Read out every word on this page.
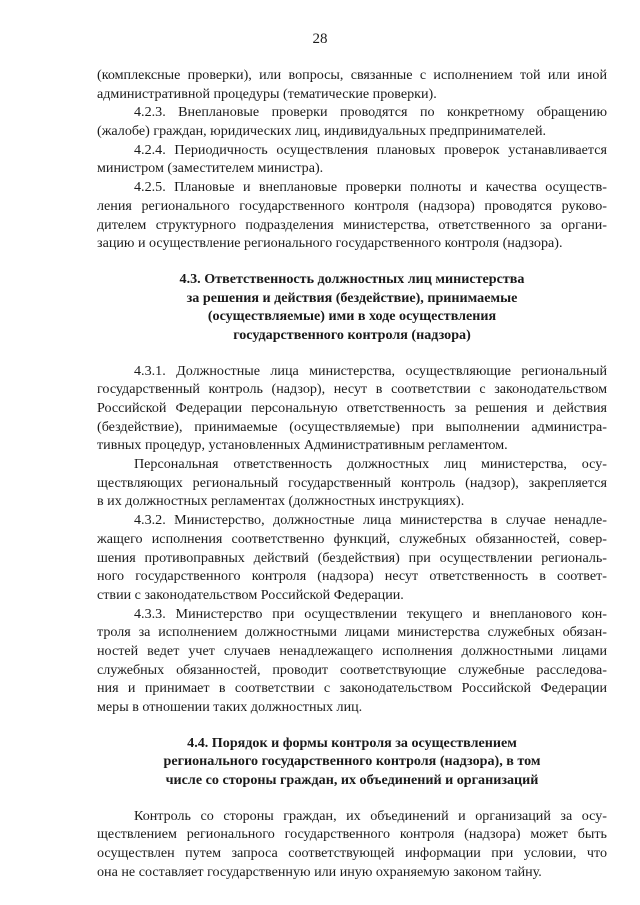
28
(комплексные проверки), или вопросы, связанные с исполнением той или иной
административной процедуры (тематические проверки).
4.2.3. Внеплановые проверки проводятся по конкретному обращению
(жалобе) граждан, юридических лиц, индивидуальных предпринимателей.
4.2.4. Периодичность осуществления плановых проверок устанавливается
министром (заместителем министра).
4.2.5. Плановые и внеплановые проверки полноты и качества осуществ-
ления регионального государственного контроля (надзора) проводятся руково-
дителем структурного подразделения министерства, ответственного за органи-
зацию и осуществление регионального государственного контроля (надзора).
4.3. Ответственность должностных лиц министерства
за решения и действия (бездействие), принимаемые
(осуществляемые) ими в ходе осуществления
государственного контроля (надзора)
4.3.1. Должностные лица министерства, осуществляющие региональный
государственный контроль (надзор), несут в соответствии с законодательством
Российской Федерации персональную ответственность за решения и действия
(бездействие), принимаемые (осуществляемые) при выполнении администра-
тивных процедур, установленных Административным регламентом.
Персональная ответственность должностных лиц министерства, осу-
ществляющих региональный государственный контроль (надзор), закрепляется
в их должностных регламентах (должностных инструкциях).
4.3.2. Министерство, должностные лица министерства в случае ненадле-
жащего исполнения соответственно функций, служебных обязанностей, совер-
шения противоправных действий (бездействия) при осуществлении региональ-
ного государственного контроля (надзора) несут ответственность в соответ-
ствии с законодательством Российской Федерации.
4.3.3. Министерство при осуществлении текущего и внепланового кон-
троля за исполнением должностными лицами министерства служебных обязан-
ностей ведет учет случаев ненадлежащего исполнения должностными лицами
служебных обязанностей, проводит соответствующие служебные расследова-
ния и принимает в соответствии с законодательством Российской Федерации
меры в отношении таких должностных лиц.
4.4. Порядок и формы контроля за осуществлением
регионального государственного контроля (надзора), в том
числе со стороны граждан, их объединений и организаций
Контроль со стороны граждан, их объединений и организаций за осу-
ществлением регионального государственного контроля (надзора) может быть
осуществлен путем запроса соответствующей информации при условии, что
она не составляет государственную или иную охраняемую законом тайну.
